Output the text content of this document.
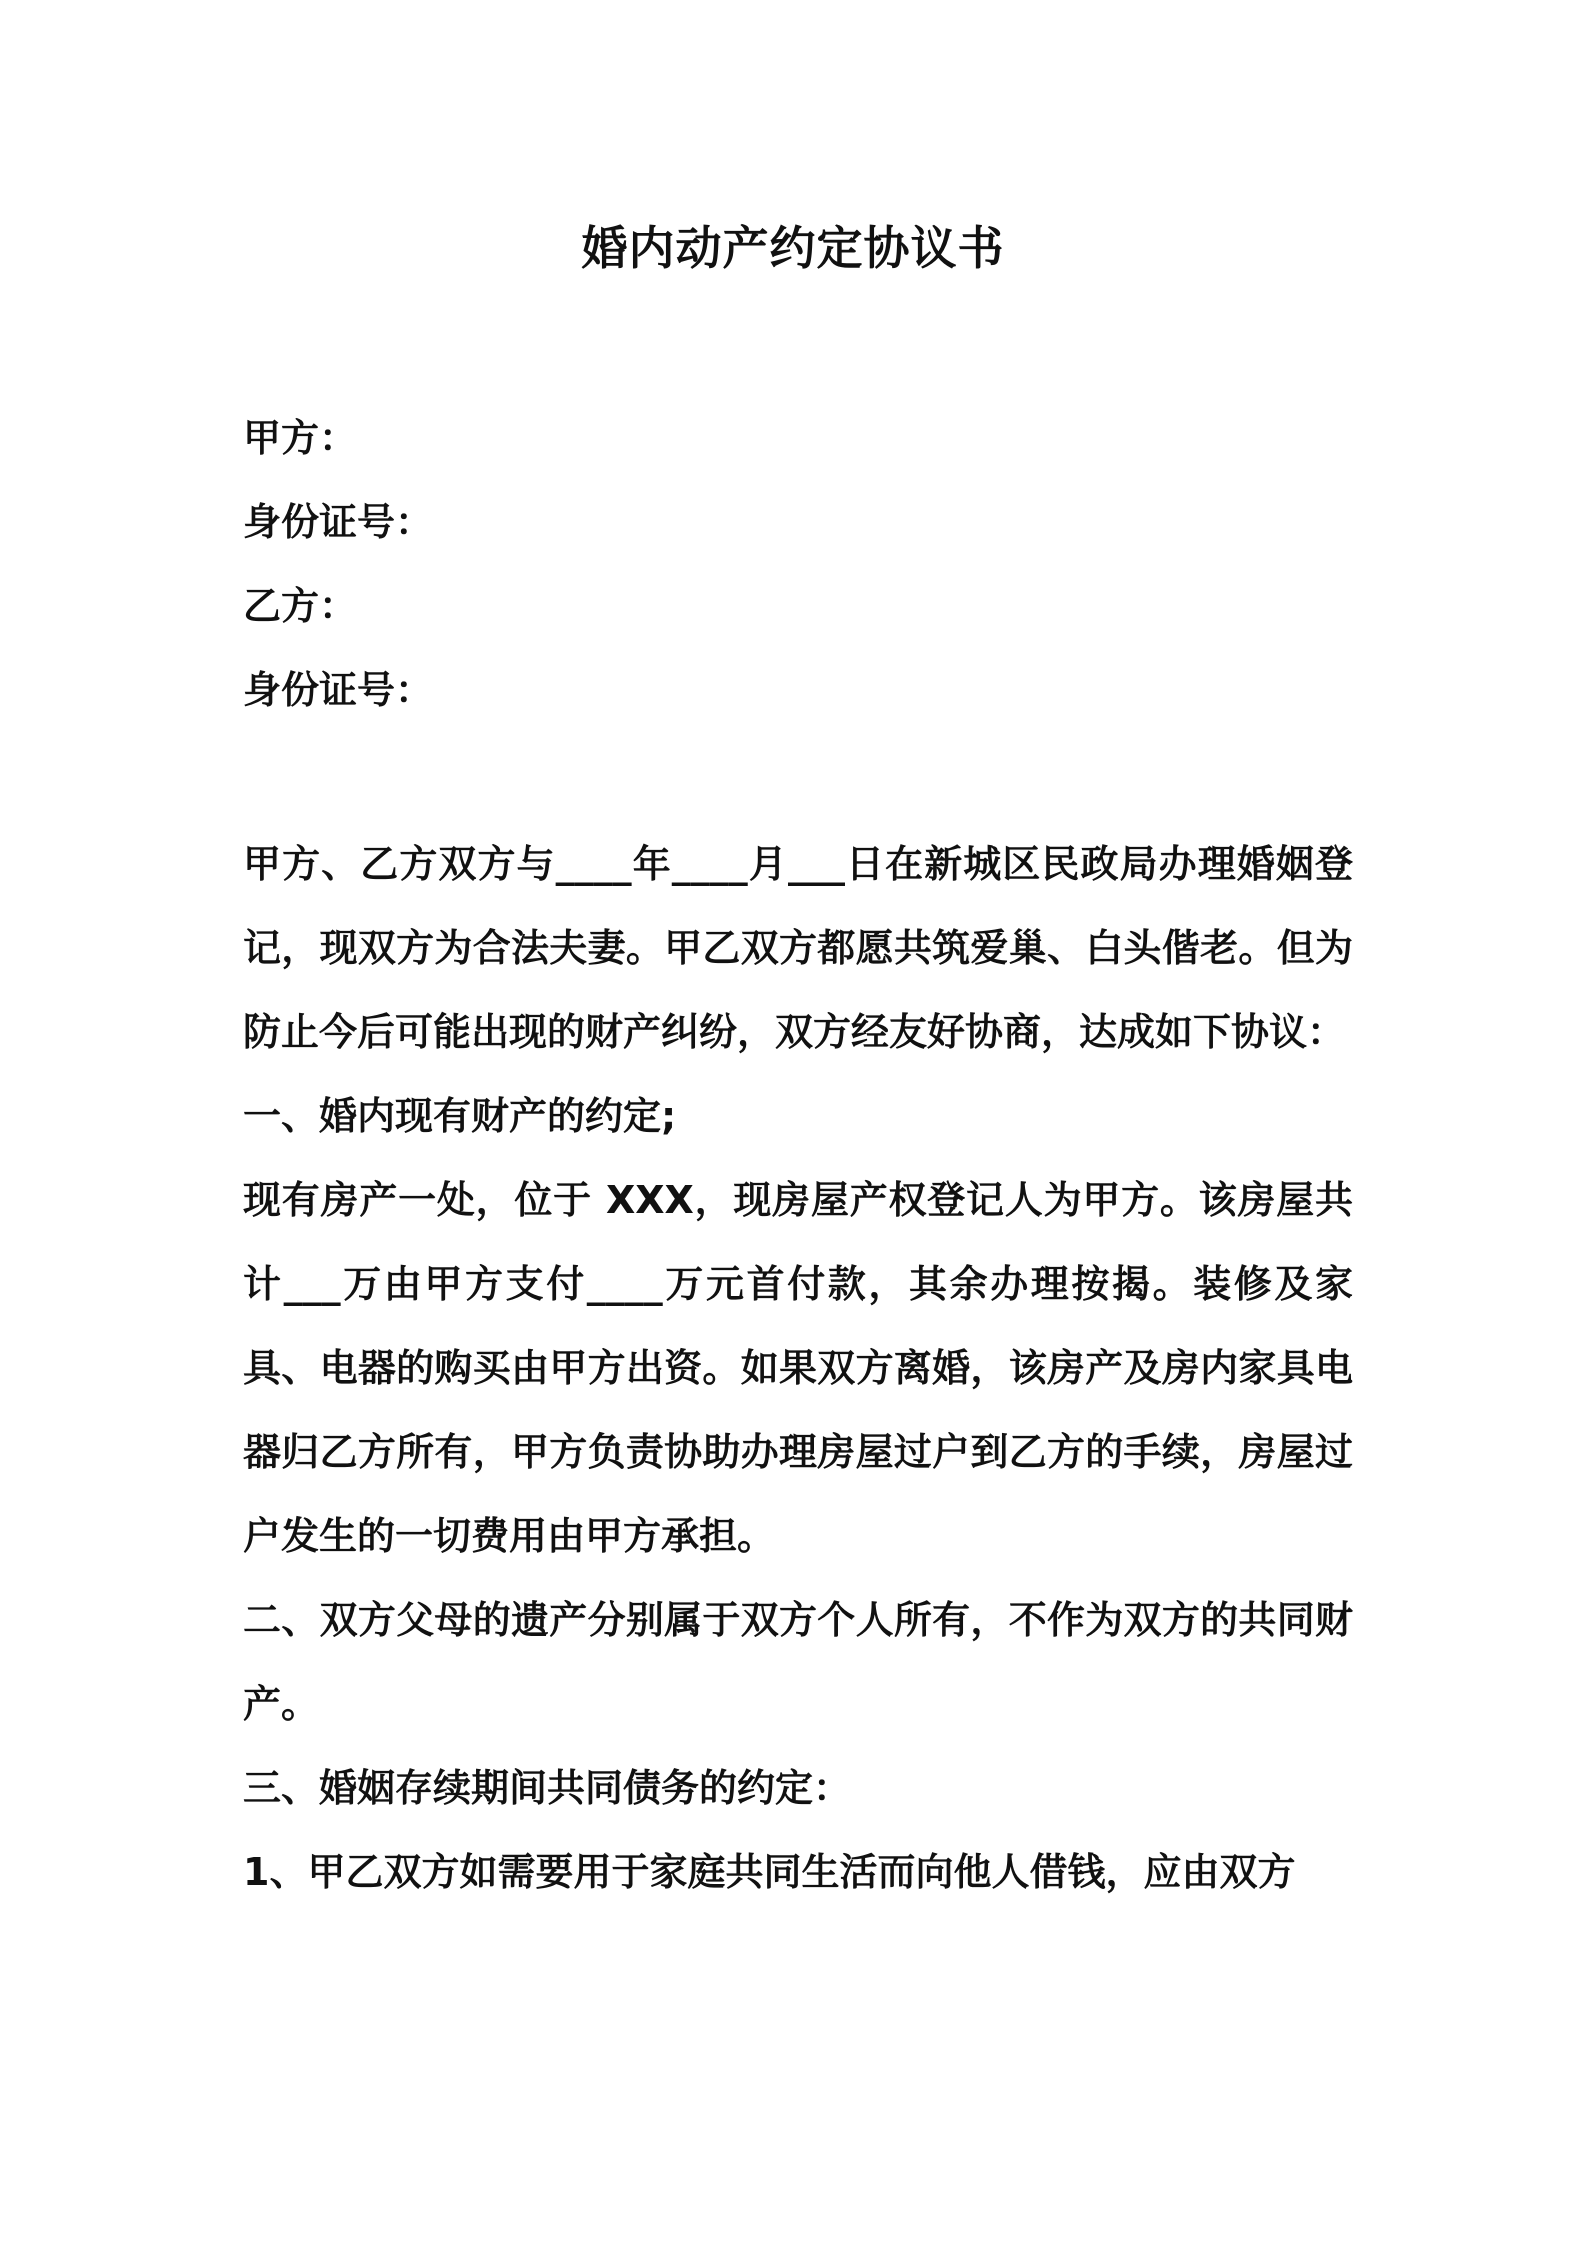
婚内动产约定协议书
甲方：
身份证号：
乙方：
身份证号：

甲方、乙方双方与____年____月___日在新城区民政局办理婚姻登记，现双方为合法夫妻。甲乙双方都愿共筑爱巢、白头偕老。但为防止今后可能出现的财产纠纷，双方经友好协商，达成如下协议：

一、婚内现有财产的约定;

现有房产一处，位于 XXX，现房屋产权登记人为甲方。该房屋共计___万由甲方支付____万元首付款，其余办理按揭。装修及家具、电器的购买由甲方出资。如果双方离婚，该房产及房内家具电器归乙方所有，甲方负责协助办理房屋过户到乙方的手续，房屋过户发生的一切费用由甲方承担。

二、双方父母的遗产分别属于双方个人所有，不作为双方的共同财产。

三、婚姻存续期间共同债务的约定：

1、甲乙双方如需要用于家庭共同生活而向他人借钱，应由双方
